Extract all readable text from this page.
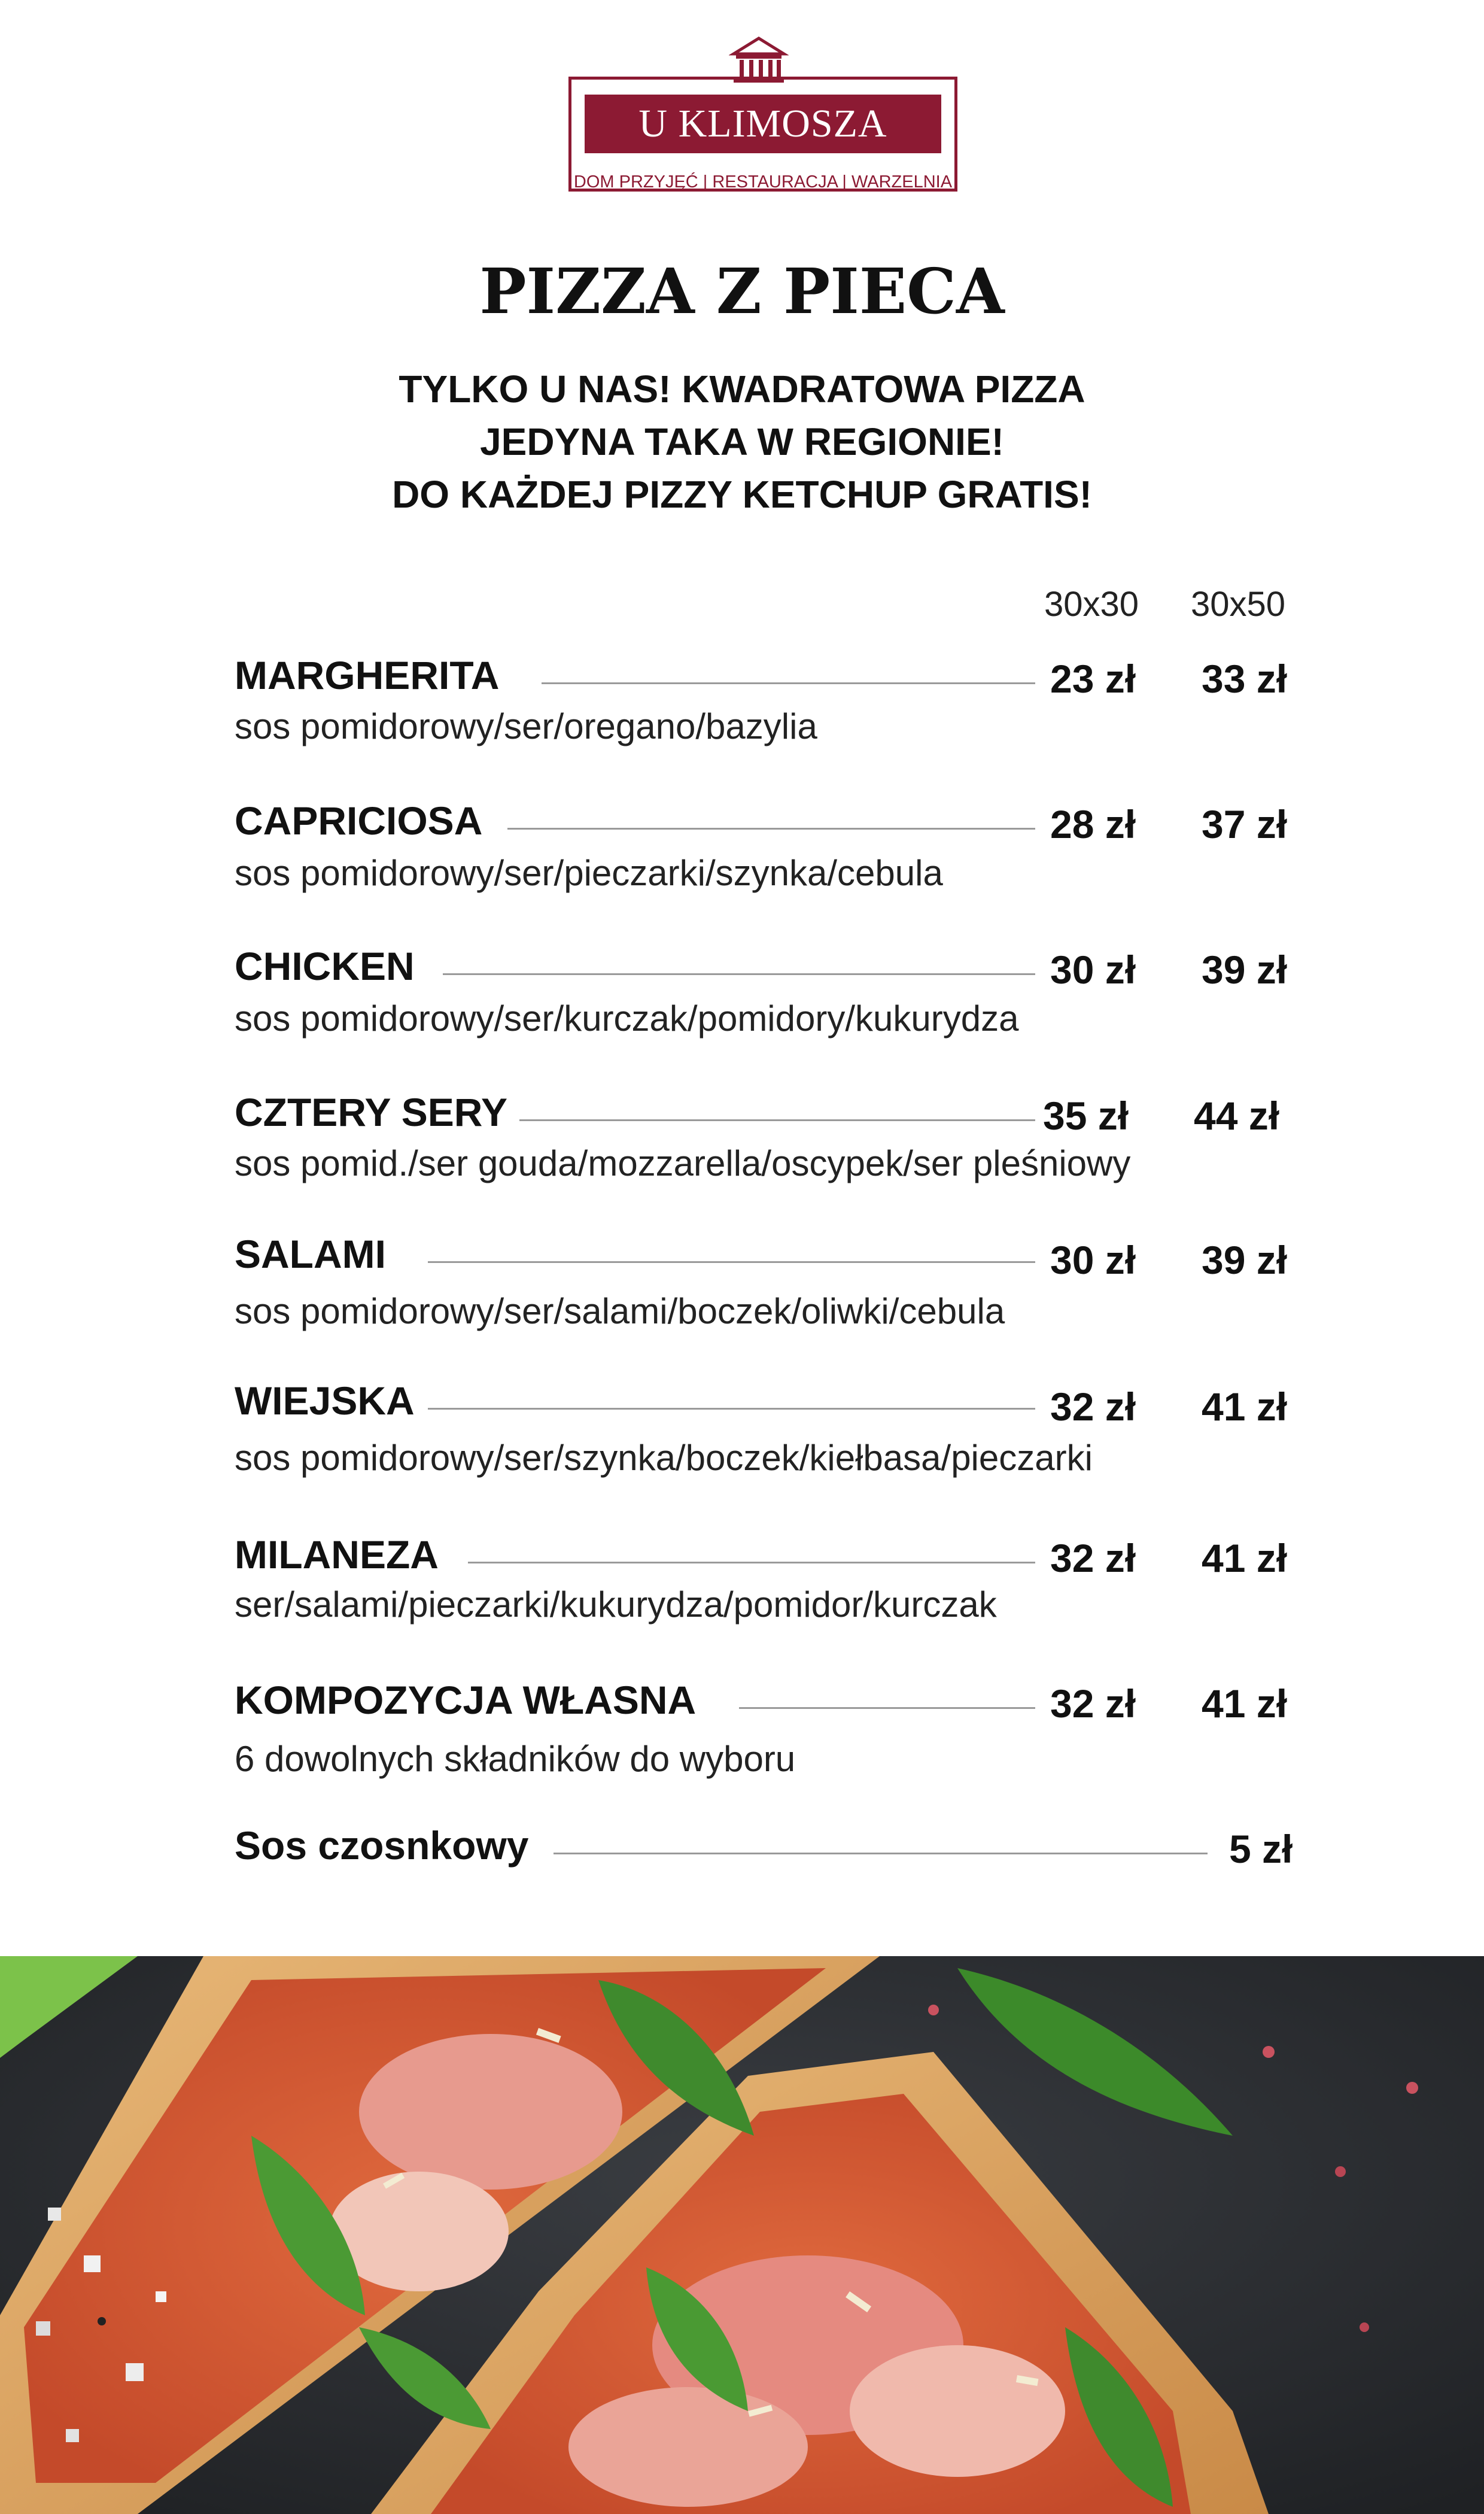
U KLIMOSZA
DOM PRZYJĘĆ | RESTAURACJA | WARZELNIA
PIZZA Z PIECA
TYLKO U NAS! KWADRATOWA PIZZA
JEDYNA TAKA W REGIONIE!
DO KAŻDEJ PIZZY KETCHUP GRATIS!
30x30 30x50
MARGHERITA	23 zł 33 zł
sos pomidorowy/ser/oregano/bazylia
CAPRICIOSA	28 zł 37 zł
sos pomidorowy/ser/pieczarki/szynka/cebula
CHICKEN	30 zł 39 zł
sos pomidorowy/ser/kurczak/pomidory/kukurydza
CZTERY SERY	35 zł 44 zł
sos pomid./ser gouda/mozzarella/oscypek/ser pleśniowy
SALAMI	30 zł 39 zł
sos pomidorowy/ser/salami/boczek/oliwki/cebula
WIEJSKA	32 zł 41 zł
sos pomidorowy/ser/szynka/boczek/kiełbasa/pieczarki
MILANEZA	32 zł 41 zł
ser/salami/pieczarki/kukurydza/pomidor/kurczak
KOMPOZYCJA WŁASNA	32 zł 41 zł
6 dowolnych składników do wyboru
Sos czosnkowy	5 zł
